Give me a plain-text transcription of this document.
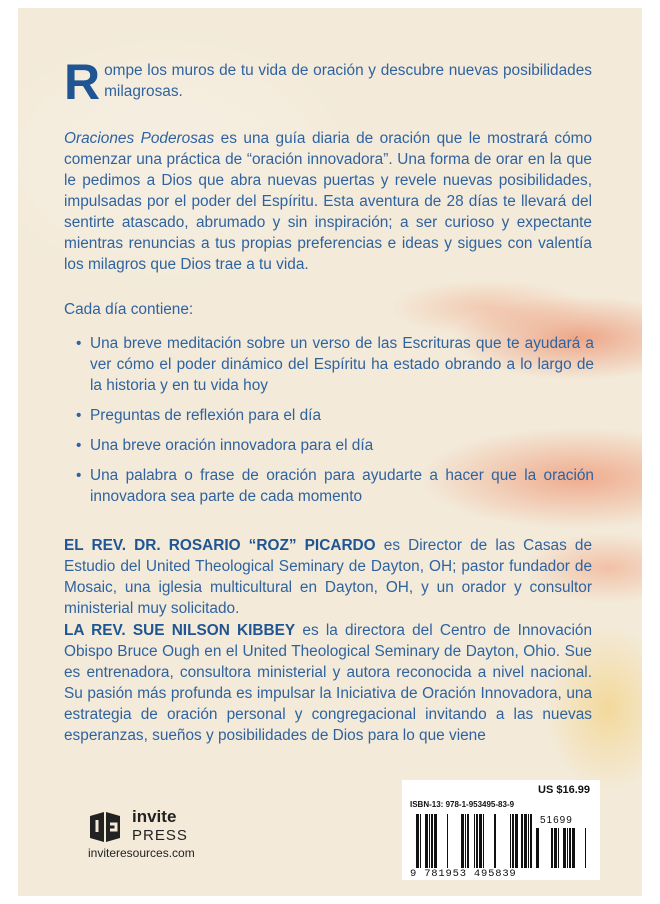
Rompe los muros de tu vida de oración y descubre nuevas posibilidades milagrosas.
Oraciones Poderosas es una guía diaria de oración que le mostrará cómo comenzar una práctica de “oración innovadora”. Una forma de orar en la que le pedimos a Dios que abra nuevas puertas y revele nuevas posibilidades, impulsadas por el poder del Espíritu. Esta aventura de 28 días te llevará del sentirte atascado, abrumado y sin inspiración; a ser curioso y expectante mientras renuncias a tus propias preferencias e ideas y sigues con valentía los milagros que Dios trae a tu vida.
Cada día contiene:
• Una breve meditación sobre un verso de las Escrituras que te ayudará a ver cómo el poder dinámico del Espíritu ha estado obrando a lo largo de la historia y en tu vida hoy
• Preguntas de reflexión para el día
• Una breve oración innovadora para el día
• Una palabra o frase de oración para ayudarte a hacer que la oración innovadora sea parte de cada momento
EL REV. DR. ROSARIO “ROZ” PICARDO es Director de las Casas de Estudio del United Theological Seminary de Dayton, OH; pastor fundador de Mosaic, una iglesia multicultural en Dayton, OH, y un orador y consultor ministerial muy solicitado.
LA REV. SUE NILSON KIBBEY es la directora del Centro de Innovación Obispo Bruce Ough en el United Theological Seminary de Dayton, Ohio. Sue es entrenadora, consultora ministerial y autora reconocida a nivel nacional. Su pasión más profunda es impulsar la Iniciativa de Oración Innovadora, una estrategia de oración personal y congregacional invitando a las nuevas esperanzas, sueños y posibilidades de Dios para lo que viene
invite
PRESS
inviteresources.com
US $16.99
ISBN-13: 978-1-953495-83-9
51699
9 781953 495839
